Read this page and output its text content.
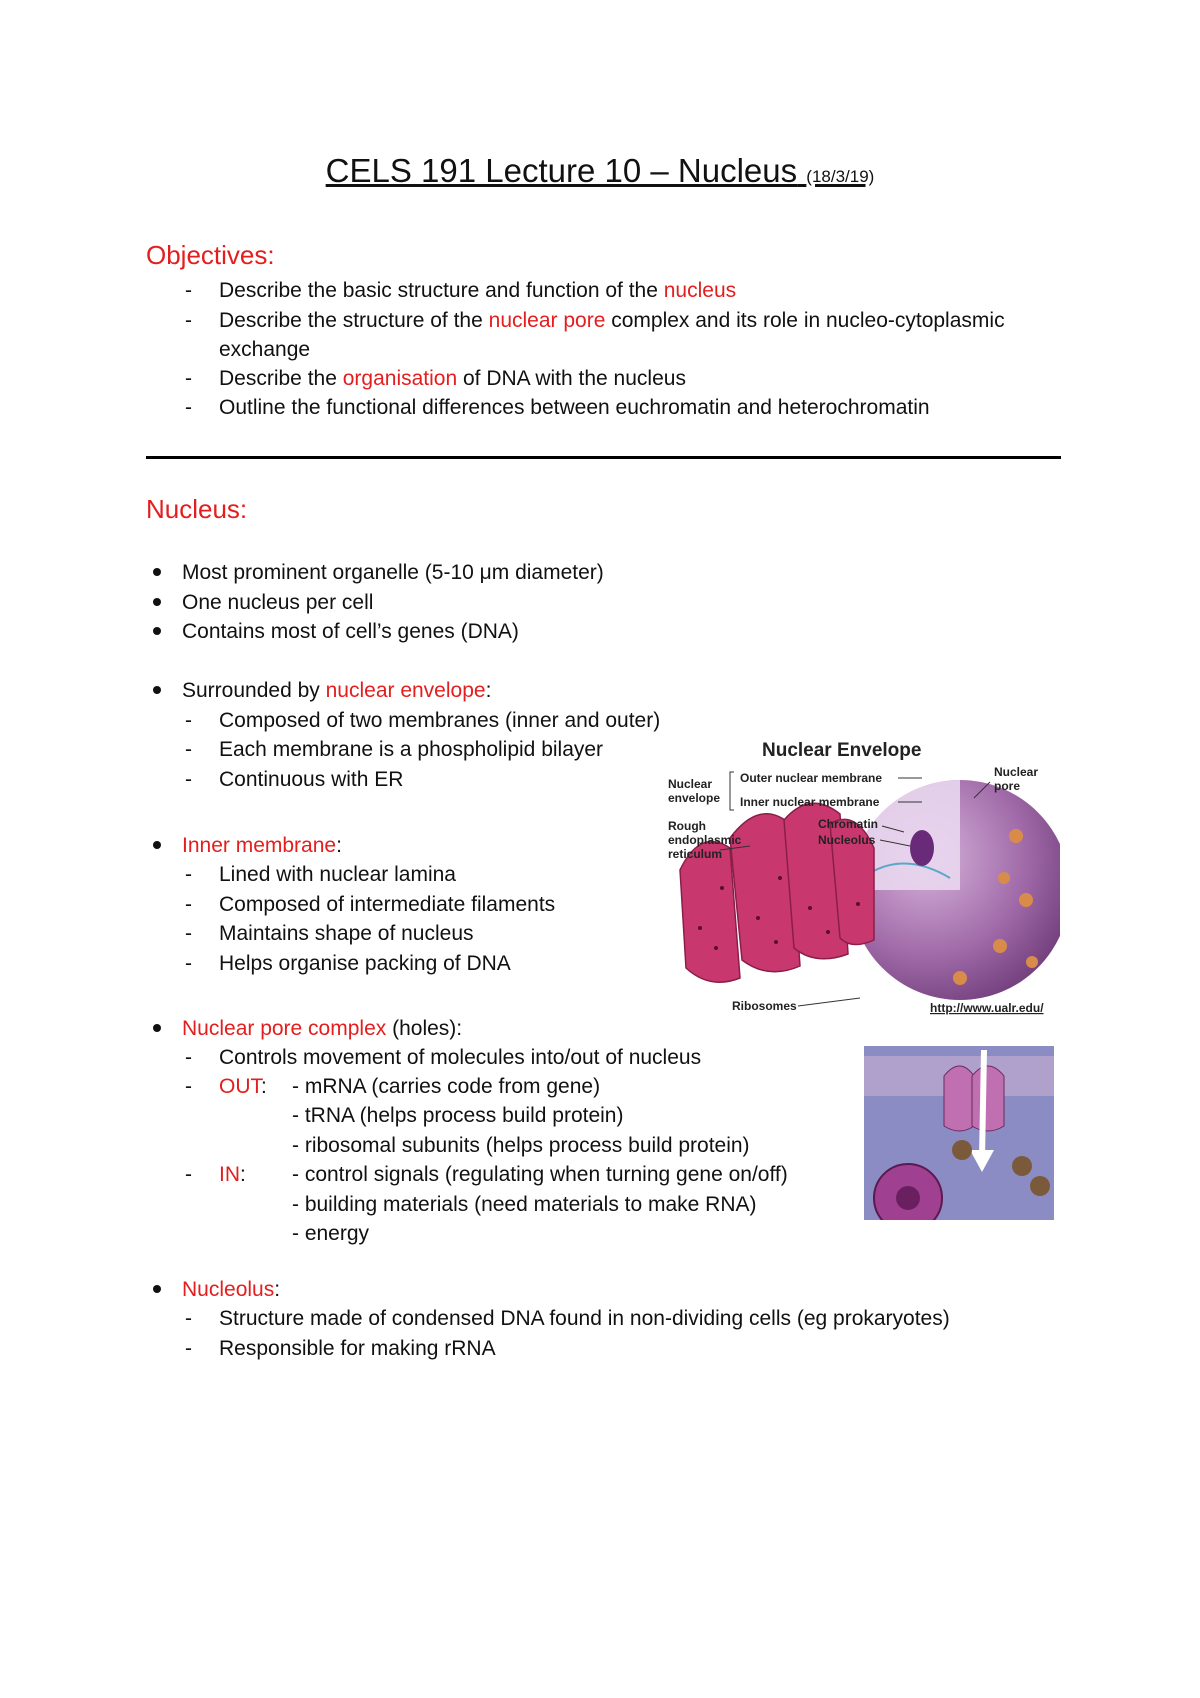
CELS 191 Lecture 10 – Nucleus (18/3/19)
Objectives:
- Describe the basic structure and function of the nucleus
- Describe the structure of the nuclear pore complex and its role in nucleo-cytoplasmic
exchange
- Describe the organisation of DNA with the nucleus
- Outline the functional differences between euchromatin and heterochromatin
Nucleus:
Most prominent organelle (5-10 μm diameter)
One nucleus per cell
Contains most of cell’s genes (DNA)
Surrounded by nuclear envelope:
- Composed of two membranes (inner and outer)
- Each membrane is a phospholipid bilayer
- Continuous with ER
Inner membrane:
- Lined with nuclear lamina
- Composed of intermediate filaments
- Maintains shape of nucleus
- Helps organise packing of DNA
Nuclear pore complex (holes):
- Controls movement of molecules into/out of nucleus
- OUT: - mRNA (carries code from gene)
- tRNA (helps process build protein)
- ribosomal subunits (helps process build protein)
- IN: - control signals (regulating when turning gene on/off)
- building materials (need materials to make RNA)
- energy
Nucleolus:
- Structure made of condensed DNA found in non-dividing cells (eg prokaryotes)
- Responsible for making rRNA
Nuclear Envelope
Nuclear
envelope
Outer nuclear membrane
Inner nuclear membrane
Nuclear
pore
Rough
endoplasmic
reticulum
Chromatin
Nucleolus
Ribosomes	http://www.ualr.edu/
